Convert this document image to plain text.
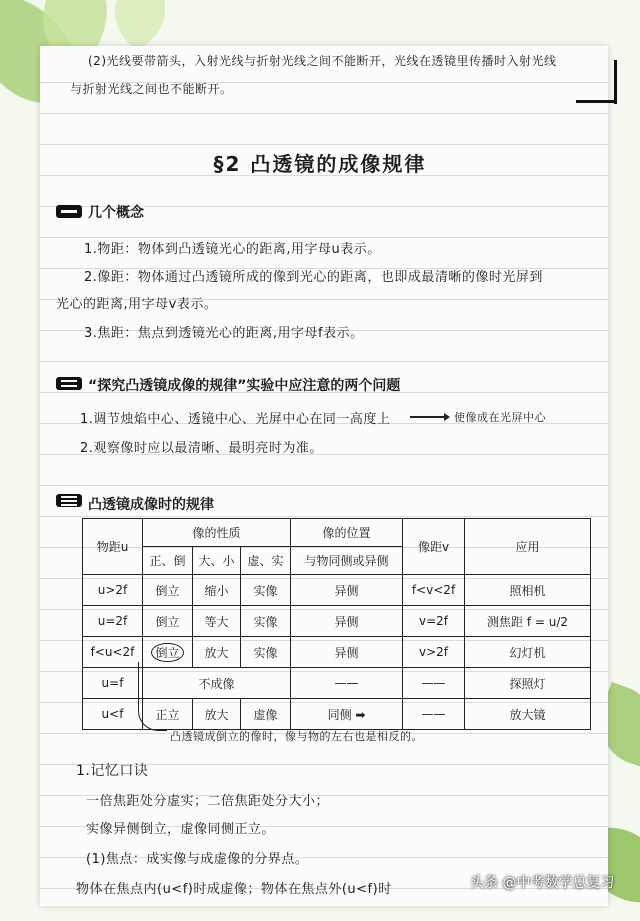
(2)光线要带箭头，入射光线与折射光线之间不能断开，光线在透镜里传播时入射光线
与折射光线之间也不能断开。
§2 凸透镜的成像规律
几个概念
1.物距：物体到凸透镜光心的距离,用字母u表示。
2.像距：物体通过凸透镜所成的像到光心的距离，也即成最清晰的像时光屏到
光心的距离,用字母v表示。
3.焦距：焦点到透镜光心的距离,用字母f表示。
“探究凸透镜成像的规律”实验中应注意的两个问题
1.调节烛焰中心、透镜中心、光屏中心在同一高度上	使像成在光屏中心
2.观察像时应以最清晰、最明亮时为准。
凸透镜成像时的规律
物距u	像的性质			像的位置	像距v	应用
	正、倒	大、小	虚、实	与物同侧或异侧		
u>2f	倒立	缩小	实像	异侧	f<v<2f	照相机
u=2f	倒立	等大	实像	异侧	v=2f	测焦距 f = u/2
f<u<2f	倒立	放大	实像	异侧	v>2f	幻灯机
u=f	不成像			——	——	探照灯
u<f	正立	放大	虚像	同侧 ➡	——	放大镜
凸透镜成倒立的像时，像与物的左右也是相反的。
1.记忆口诀
一倍焦距处分虚实；二倍焦距处分大小；
实像异侧倒立，虚像同侧正立。
(1)焦点：成实像与成虚像的分界点。
物体在焦点内(u<f)时成虚像；物体在焦点外(u<f)时	头条 @中考数学总复习
